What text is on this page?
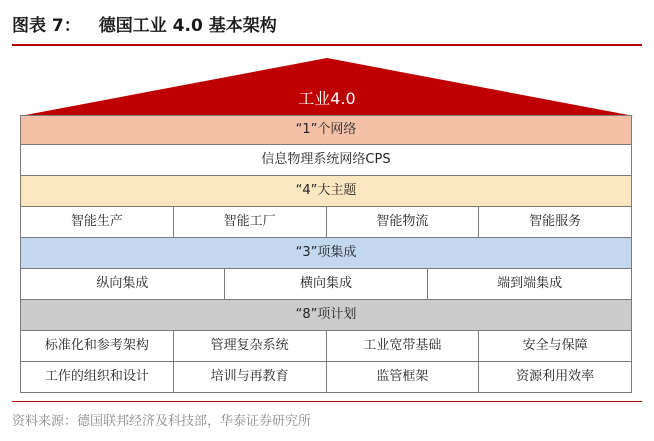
图表 7： 德国工业 4.0 基本架构
工业4.0
“1”个网络
信息物理系统网络CPS
“4”大主题
智能生产	智能工厂	智能物流	智能服务
“3”项集成
纵向集成	横向集成	端到端集成
“8”项计划
标准化和参考架构	管理复杂系统	工业宽带基础	安全与保障
工作的组织和设计	培训与再教育	监管框架	资源利用效率
资料来源：德国联邦经济及科技部，华泰证券研究所
